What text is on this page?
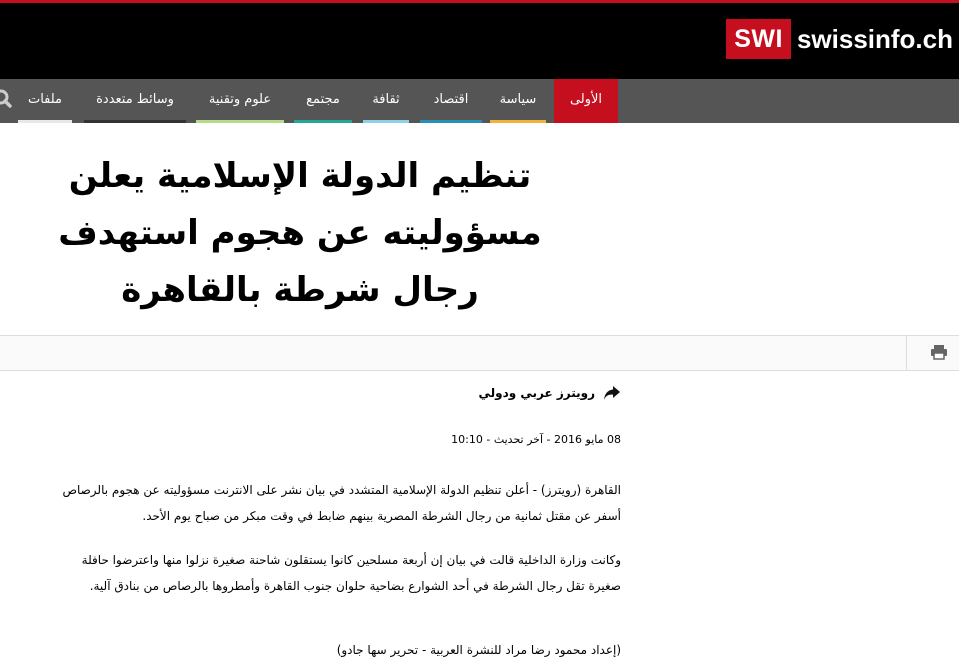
SWI swissinfo.ch
الأولى
سياسة
اقتصاد
ثقافة
مجتمع
علوم وتقنية
وسائط متعددة
ملفات
تنظيم الدولة الإسلامية يعلن
مسؤوليته عن هجوم استهدف
رجال شرطة بالقاهرة
رويترز عربي ودولي
08 مايو 2016 - آخر تحديث - 10:10

القاهرة (رويترز) - أعلن تنظيم الدولة الإسلامية المتشدد في بيان نشر على الانترنت مسؤوليته عن هجوم بالرصاص

أسفر عن مقتل ثمانية من رجال الشرطة المصرية بينهم ضابط في وقت مبكر من صباح يوم الأحد.

وكانت وزارة الداخلية قالت في بيان إن أربعة مسلحين كانوا يستقلون شاحنة صغيرة نزلوا منها واعترضوا حافلة

صغيرة تقل رجال الشرطة في أحد الشوارع بضاحية حلوان جنوب القاهرة وأمطروها بالرصاص من بنادق آلية.

(إعداد محمود رضا مراد للنشرة العربية - تحرير سها جادو)
